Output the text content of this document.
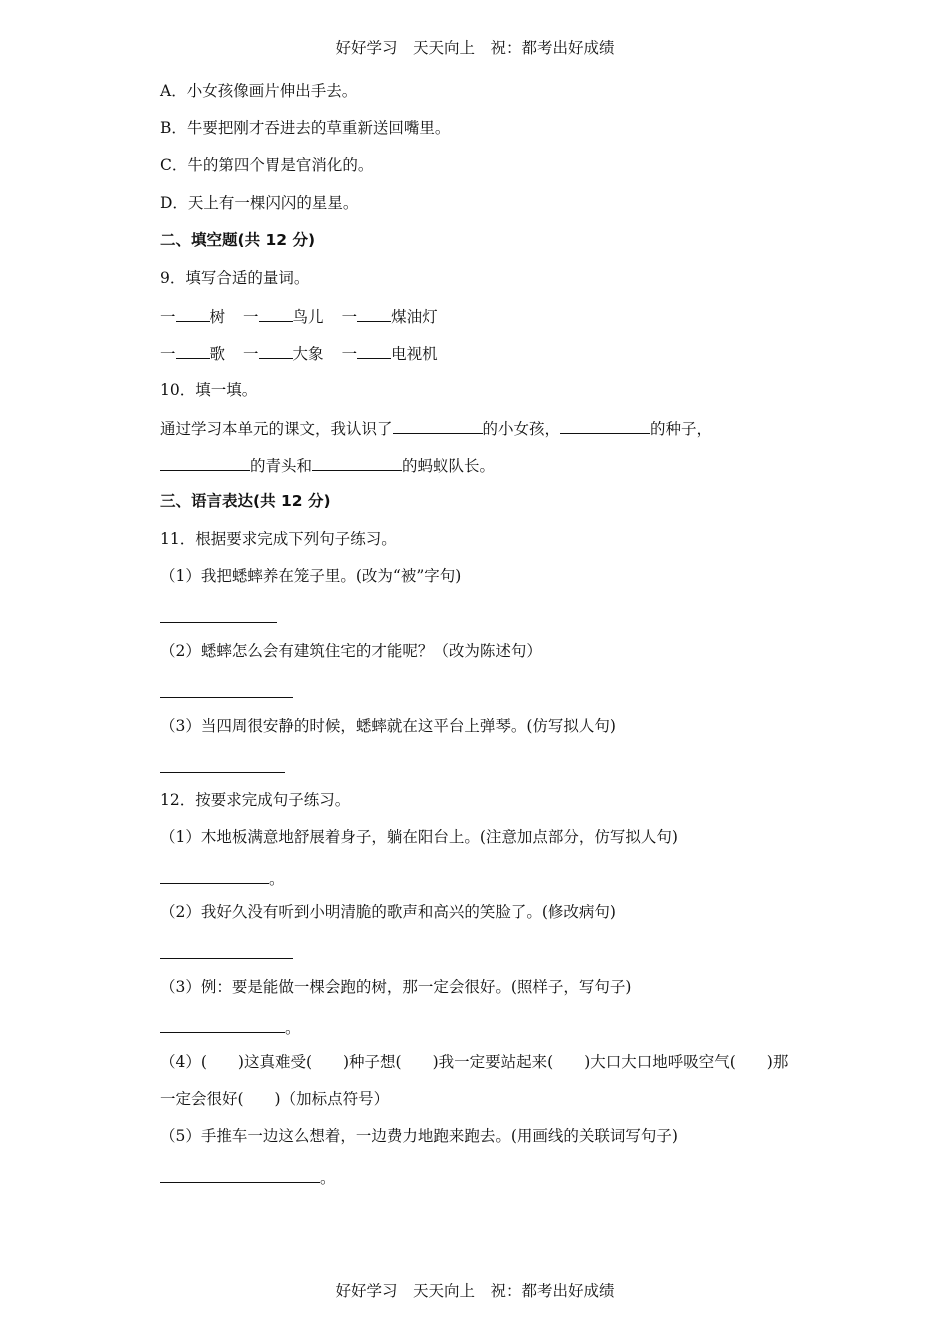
好好学习　天天向上　祝：都考出好成绩
A．小女孩像画片伸出手去。
B．牛要把刚才吞进去的草重新送回嘴里。
C．牛的第四个胃是官消化的。
D．天上有一棵闪闪的星星。
二、填空题(共 12 分)
9．填写合适的量词。
一 树 一 鸟儿 一 煤油灯
一 歌 一 大象 一 电视机
10．填一填。
通过学习本单元的课文，我认识了	的小女孩，	的种子，
的青头和	的蚂蚁队长。
三、语言表达(共 12 分)
11．根据要求完成下列句子练习。
（1）我把蟋蟀养在笼子里。(改为“被”字句)
（2）蟋蟀怎么会有建筑住宅的才能呢？（改为陈述句）
（3）当四周很安静的时候，蟋蟀就在这平台上弹琴。(仿写拟人句)
12．按要求完成句子练习。
（1）木地板满意地舒展着身子，躺在阳台上。(注意加点部分，仿写拟人句)
。
（2）我好久没有听到小明清脆的歌声和高兴的笑脸了。(修改病句)
（3）例：要是能做一棵会跑的树，那一定会很好。(照样子，写句子)
。
（4）(　　)这真难受(　　)种子想(　　)我一定要站起来(　　)大口大口地呼吸空气(　　)那
一定会很好(　　)（加标点符号）
（5）手推车一边这么想着，一边费力地跑来跑去。(用画线的关联词写句子)
。
好好学习　天天向上　祝：都考出好成绩
